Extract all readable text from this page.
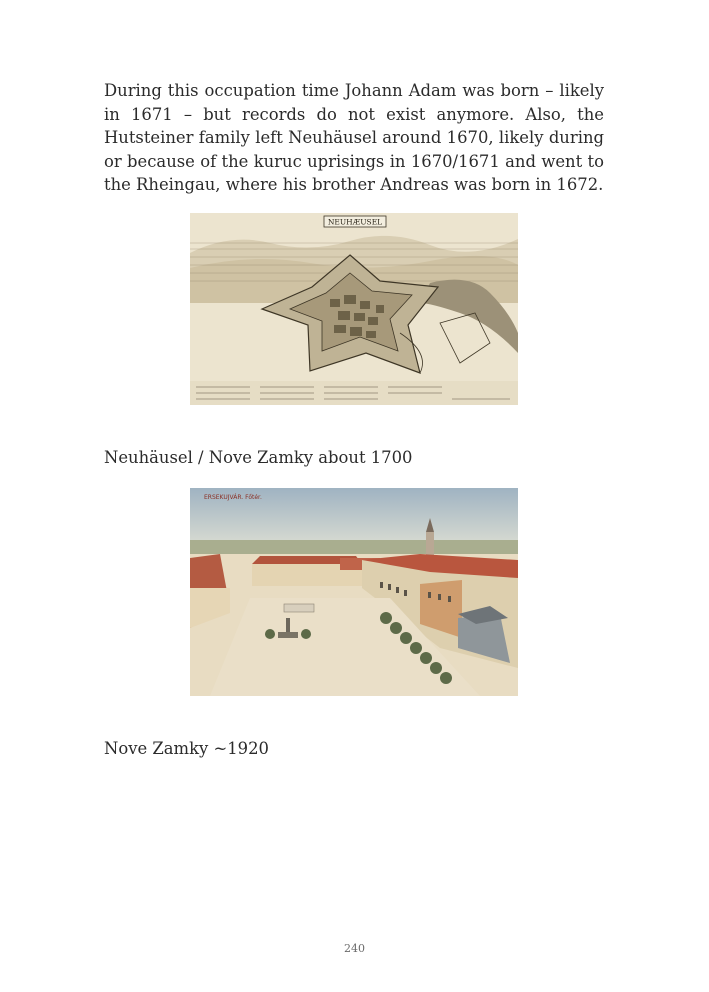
During this occupation time Johann Adam was born – likely in 1671 – but records do not exist anymore. Also, the Hutsteiner family left Neuhäusel around 1670, likely during or because of the kuruc uprisings in 1670/1671 and went to the Rheingau, where his brother Andreas was born in 1672.

NEUHÆUSEL

Neuhäusel / Nove Zamky about 1700

ERSEKUJVÁR. Főtér.

Nove Zamky ~1920

240
